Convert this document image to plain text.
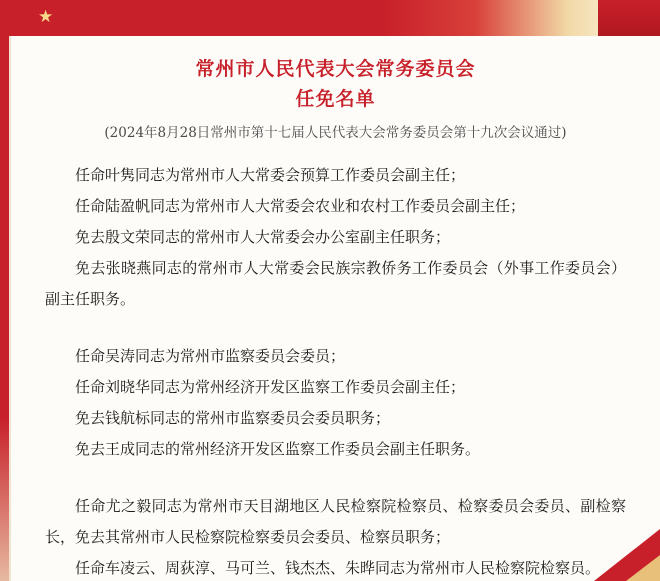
★
常州市人民代表大会常务委员会
任免名单
(2024年8月28日常州市第十七届人民代表大会常务委员会第十九次会议通过)

任命叶隽同志为常州市人大常委会预算工作委员会副主任；

任命陆盈帆同志为常州市人大常委会农业和农村工作委员会副主任；

免去殷文荣同志的常州市人大常委会办公室副主任职务；

免去张晓燕同志的常州市人大常委会民族宗教侨务工作委员会（外事工作委员会）副主任职务。

任命吴涛同志为常州市监察委员会委员；

任命刘晓华同志为常州经济开发区监察工作委员会副主任；

免去钱航标同志的常州市监察委员会委员职务；

免去王成同志的常州经济开发区监察工作委员会副主任职务。

任命尤之毅同志为常州市天目湖地区人民检察院检察员、检察委员会委员、副检察长，免去其常州市人民检察院检察委员会委员、检察员职务；

任命车凌云、周荻淳、马可兰、钱杰杰、朱晔同志为常州市人民检察院检察员。
